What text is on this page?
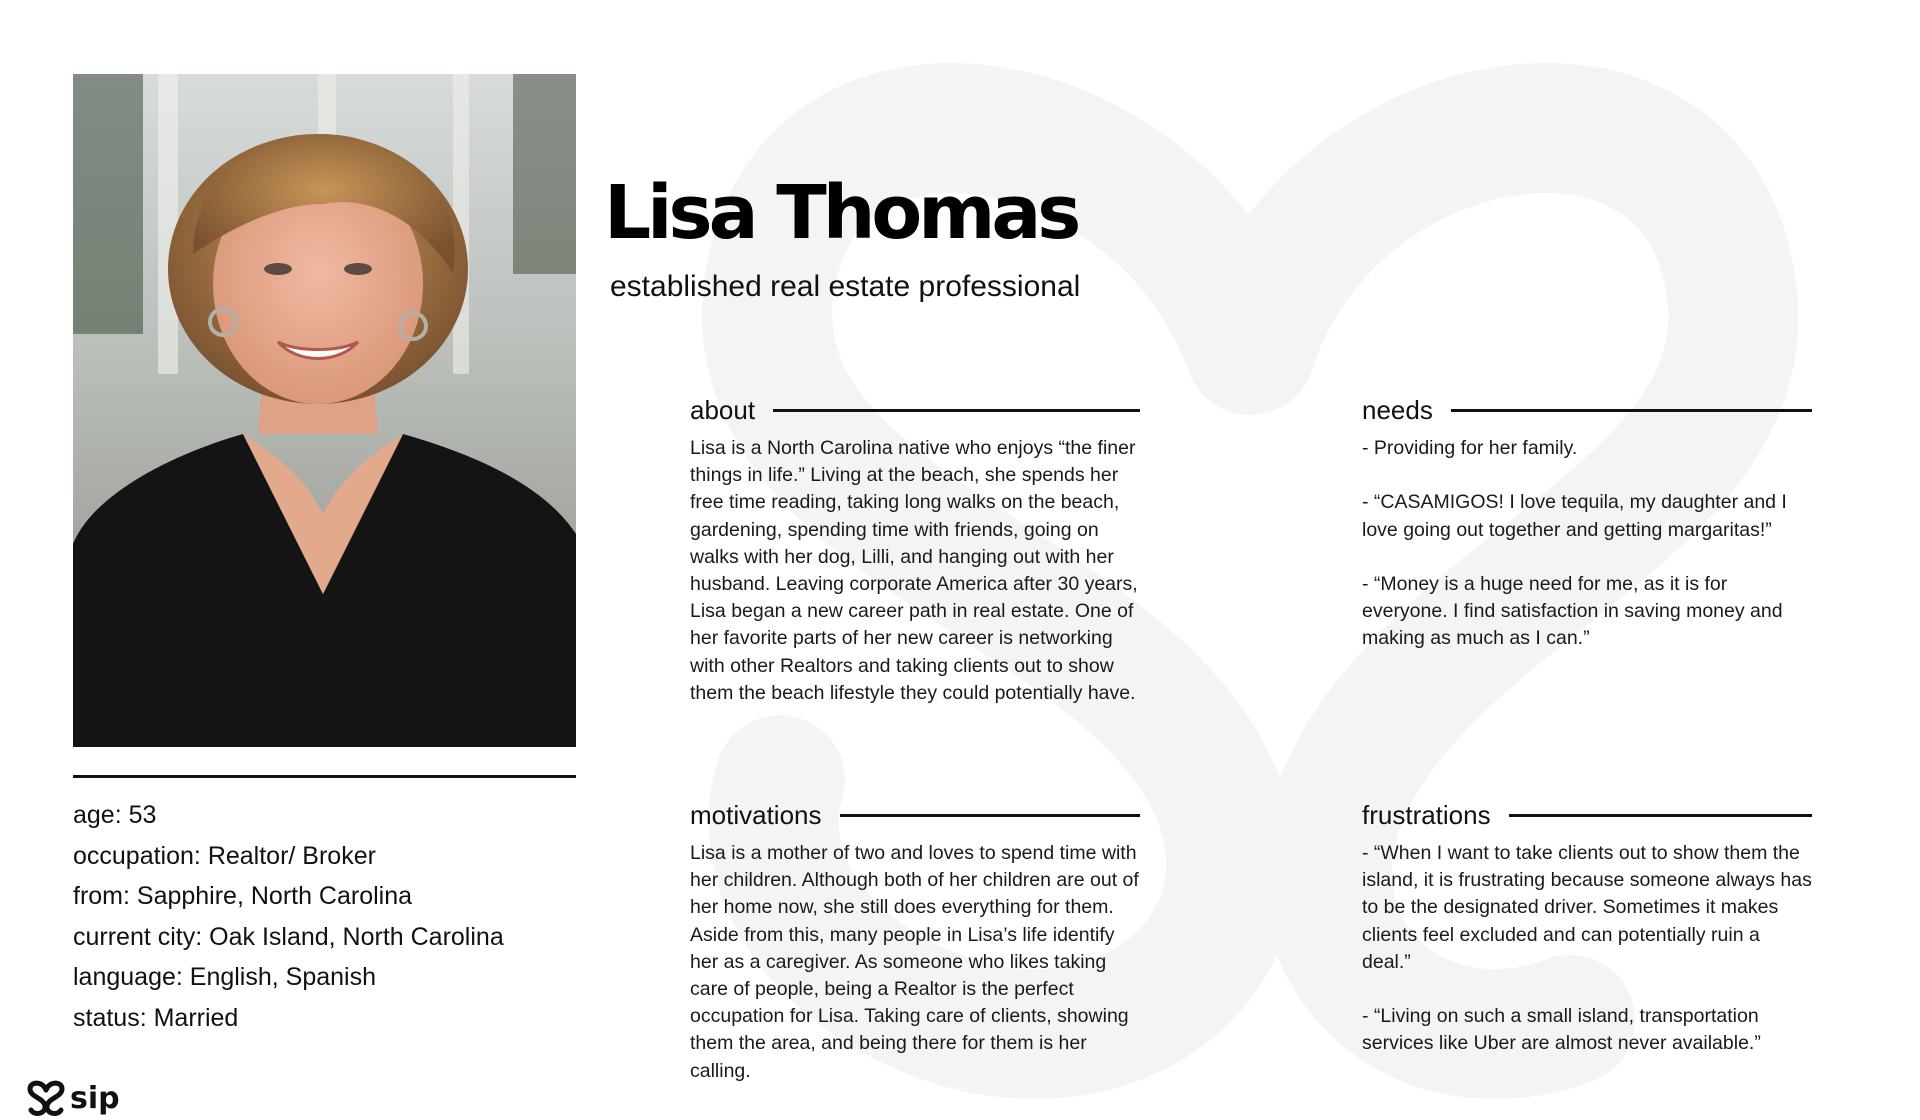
age: 53
occupation: Realtor/ Broker
from: Sapphire, North Carolina
current city: Oak Island, North Carolina
language: English, Spanish
status: Married
Lisa Thomas
established real estate professional
about

Lisa is a North Carolina native who enjoys “the finer things in life.” Living at the beach, she spends her free time reading, taking long walks on the beach, gardening, spending time with friends, going on walks with her dog, Lilli, and hanging out with her husband. Leaving corporate America after 30 years, Lisa began a new career path in real estate. One of her favorite parts of her new career is networking with other Realtors and taking clients out to show them the beach lifestyle they could potentially have.

needs

- Providing for her family.

- “CASAMIGOS! I love tequila, my daughter and I love going out together and getting margaritas!”

- “Money is a huge need for me, as it is for everyone. I find satisfaction in saving money and making as much as I can.”

motivations

Lisa is a mother of two and loves to spend time with her children. Although both of her children are out of her home now, she still does everything for them. Aside from this, many people in Lisa’s life identify her as a caregiver. As someone who likes taking care of people, being a Realtor is the perfect occupation for Lisa. Taking care of clients, showing them the area, and being there for them is her calling.

frustrations

- “When I want to take clients out to show them the island, it is frustrating because someone always has to be the designated driver. Sometimes it makes clients feel excluded and can potentially ruin a deal.”

- “Living on such a small island, transportation services like Uber are almost never available.”

sip
